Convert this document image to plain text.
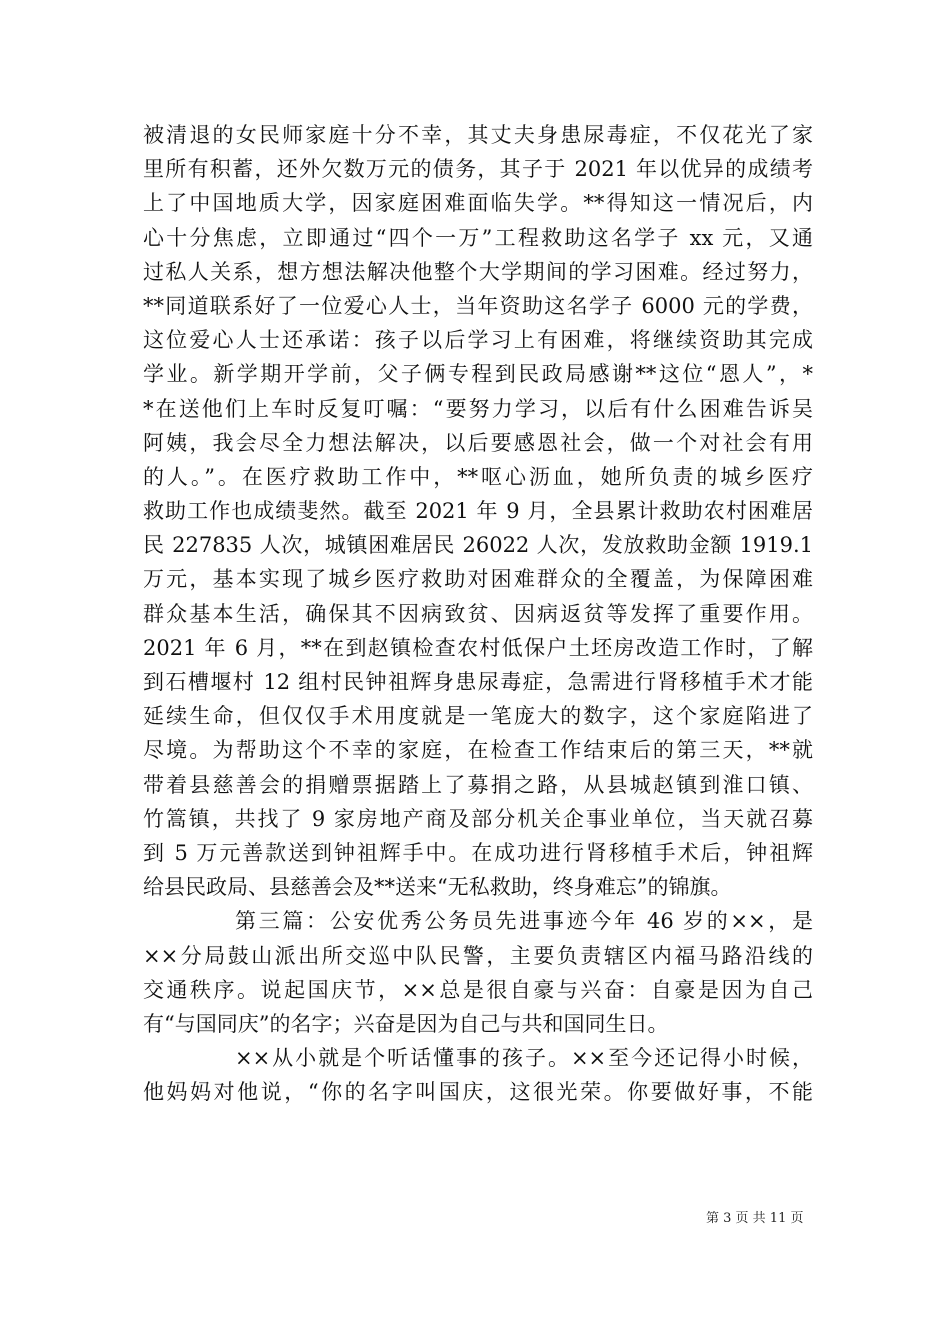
被清退的女民师家庭十分不幸，其丈夫身患尿毒症，不仅花光了家
里所有积蓄，还外欠数万元的债务，其子于 2021 年以优异的成绩考
上了中国地质大学，因家庭困难面临失学。**得知这一情况后，内
心十分焦虑，立即通过“四个一万”工程救助这名学子 xx 元，又通
过私人关系，想方想法解决他整个大学期间的学习困难。经过努力，
**同道联系好了一位爱心人士，当年资助这名学子 6000 元的学费，
这位爱心人士还承诺：孩子以后学习上有困难，将继续资助其完成
学业。新学期开学前，父子俩专程到民政局感谢**这位“恩人”，*
*在送他们上车时反复叮嘱：“要努力学习，以后有什么困难告诉吴
阿姨，我会尽全力想法解决，以后要感恩社会，做一个对社会有用
的人。”。在医疗救助工作中，**呕心沥血，她所负责的城乡医疗
救助工作也成绩斐然。截至 2021 年 9 月，全县累计救助农村困难居
民 227835 人次，城镇困难居民 26022 人次，发放救助金额 1919.1
万元，基本实现了城乡医疗救助对困难群众的全覆盖，为保障困难
群众基本生活，确保其不因病致贫、因病返贫等发挥了重要作用。
2021 年 6 月，**在到赵镇检查农村低保户土坯房改造工作时，了解
到石槽堰村 12 组村民钟祖辉身患尿毒症，急需进行肾移植手术才能
延续生命，但仅仅手术用度就是一笔庞大的数字，这个家庭陷进了
尽境。为帮助这个不幸的家庭，在检查工作结束后的第三天，**就
带着县慈善会的捐赠票据踏上了募捐之路，从县城赵镇到淮口镇、
竹篙镇，共找了 9 家房地产商及部分机关企事业单位，当天就召募
到 5 万元善款送到钟祖辉手中。在成功进行肾移植手术后，钟祖辉
给县民政局、县慈善会及**送来“无私救助，终身难忘”的锦旗。
第三篇：公安优秀公务员先进事迹今年 46 岁的××，是
××分局鼓山派出所交巡中队民警，主要负责辖区内福马路沿线的
交通秩序。说起国庆节，××总是很自豪与兴奋：自豪是因为自己
有“与国同庆”的名字；兴奋是因为自己与共和国同生日。
××从小就是个听话懂事的孩子。××至今还记得小时候，
他妈妈对他说，“你的名字叫国庆，这很光荣。你要做好事，不能
第 3 页 共 11 页
